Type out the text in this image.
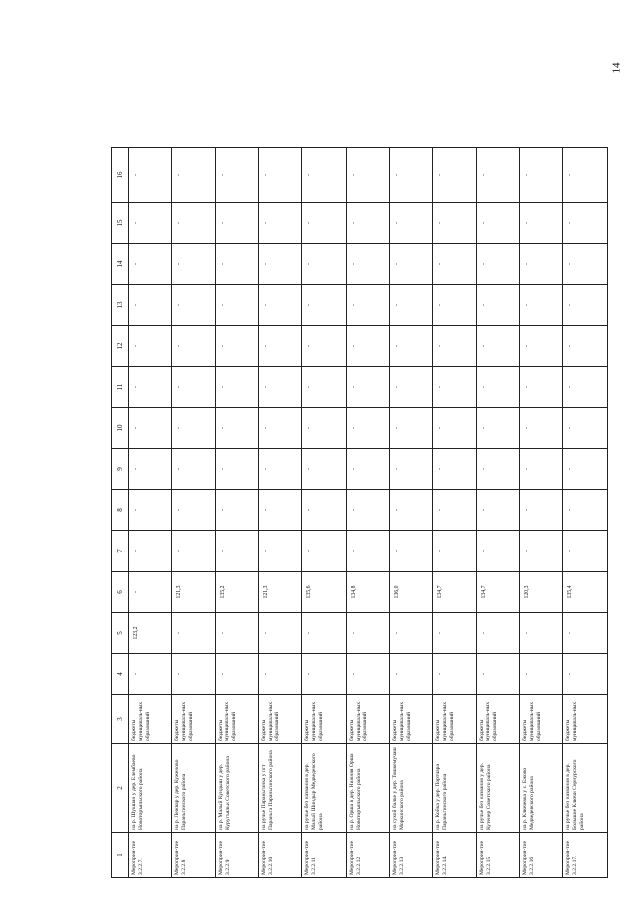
14
1	2	3	4	5	6	7	8	9	10	11	12	13	14	15	16
Мероприя-тие 3.2.2.7.	на р. Шукшан у дер. Елембаево Новоторъяльского района	бюджеты муниципаль-ных образований	-	123,2	-	-	-	-	-	-	-	-	-	-	-
Мероприя-тие 3.2.2.8	на р. Лежвар у дер. Куженово Параньгинского района	бюджеты муниципаль-ных образований	-	-	121,3	-	-	-	-	-	-	-	-	-	-
Мероприя-тие 3.2.2.9	на р. Малый Кундыш у дер. Куругъяльи Советского района	бюджеты муниципаль-ных образований	-	-	135,2	-	-	-	-	-	-	-	-	-	-
Мероприя-тие 3.2.2.10	на ручье Параньгинка у пгт Параньга Параньгинского района	бюджеты муниципаль-ных образований	-	-	121,3	-	-	-	-	-	-	-	-	-	-
Мероприя-тие 3.2.2.11	на ручье без названия в дер. Малый Шиндыр Медведевского района	бюджеты муниципаль-ных образований	-	-	135,6	-	-	-	-	-	-	-	-	-	-
Мероприя-тие 3.2.2.12	на р. Орша в дер. Нижняя Орша Новоторъяльского района	бюджеты муниципаль-ных образований	-	-	134,8	-	-	-	-	-	-	-	-	-	-
Мероприя-тие 3.2.2.13	на сухой балке у дер. Тошкемучаш Моркинского района	бюджеты муниципаль-ных образований	-	-	136,0	-	-	-	-	-	-	-	-	-	-
Мероприя-тие 3.2.2.14.	на р. Койка у дер. Портчара Параньгинского района	бюджеты муниципаль-ных образований	-	-	134,7	-	-	-	-	-	-	-	-	-	-
Мероприя-тие 3.2.2.15	на ручье без названия у дер. Кутенер Советского района	бюджеты муниципаль-ных образований	-	-	134,7	-	-	-	-	-	-	-	-	-	-
Мероприя-тие 3.2.2.16	на р. Ключевка у с. Ежово Медведевского района	бюджеты муниципаль-ных образований	-	-	120,3	-	-	-	-	-	-	-	-	-	-
Мероприя-тие 3.2.2.17.	на ручье без названия в дер. Большие Ключи Сернурского района	бюджеты муниципаль-ных	-	-	135,4	-	-	-	-	-	-	-	-	-	-
